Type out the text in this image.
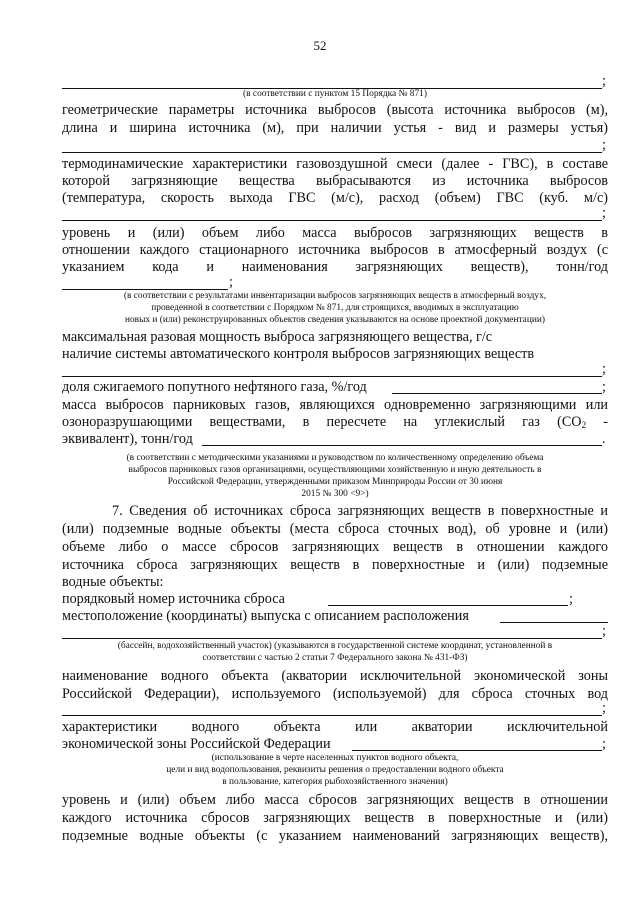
52
;
(в соответствии с пунктом 15 Порядка № 871)
геометрические параметры источника выбросов (высота источника выбросов (м),
длина и ширина источника (м), при наличии устья - вид и размеры устья)
;
термодинамические характеристики газовоздушной смеси (далее - ГВС), в составе
которой загрязняющие вещества выбрасываются из источника выбросов
(температура, скорость выхода ГВС (м/с), расход (объем) ГВС (куб. м/с)
;
уровень и (или) объем либо масса выбросов загрязняющих веществ в
отношении каждого стационарного источника выбросов в атмосферный воздух (с
указанием кода и наименования загрязняющих веществ), тонн/год
;
(в соответствии с результатами инвентаризации выбросов загрязняющих веществ в атмосферный воздух,
проведенной в соответствии с Порядком № 871, для строящихся, вводимых в эксплуатацию
новых и (или) реконструированных объектов сведения указываются на основе проектной документации)
максимальная разовая мощность выброса загрязняющего вещества, г/с
наличие системы автоматического контроля выбросов загрязняющих веществ
;
доля сжигаемого попутного нефтяного газа, %/год	;
масса выбросов парниковых газов, являющихся одновременно загрязняющими или
озоноразрушающими веществами, в пересчете на углекислый газ ($СО_2$ -
эквивалент), тонн/год	.
(в соответствии с методическими указаниями и руководством по количественному определению объема
выбросов парниковых газов организациями, осуществляющими хозяйственную и иную деятельность в
Российской Федерации, утвержденными приказом Минприроды России от 30 июня
2015 № 300 <9>)
7. Сведения об источниках сброса загрязняющих веществ в поверхностные и
(или) подземные водные объекты (места сброса сточных вод), об уровне и (или)
объеме либо о массе сбросов загрязняющих веществ в отношении каждого
источника сброса загрязняющих веществ в поверхностные и (или) подземные
водные объекты:
порядковый номер источника сброса	;
местоположение (координаты) выпуска с описанием расположения
;
(бассейн, водохозяйственный участок) (указываются в государственной системе координат, установленной в
соответствии с частью 2 статьи 7 Федерального закона № 431-ФЗ)
наименование водного объекта (акватории исключительной экономической зоны
Российской Федерации), используемого (используемой) для сброса сточных вод
;
характеристики водного объекта или акватории исключительной
экономической зоны Российской Федерации	;
(использование в черте населенных пунктов водного объекта,
цели и вид водопользования, реквизиты решения о предоставлении водного объекта
в пользование, категория рыбохозяйственного значения)
уровень и (или) объем либо масса сбросов загрязняющих веществ в отношении
каждого источника сбросов загрязняющих веществ в поверхностные и (или)
подземные водные объекты (с указанием наименований загрязняющих веществ),
